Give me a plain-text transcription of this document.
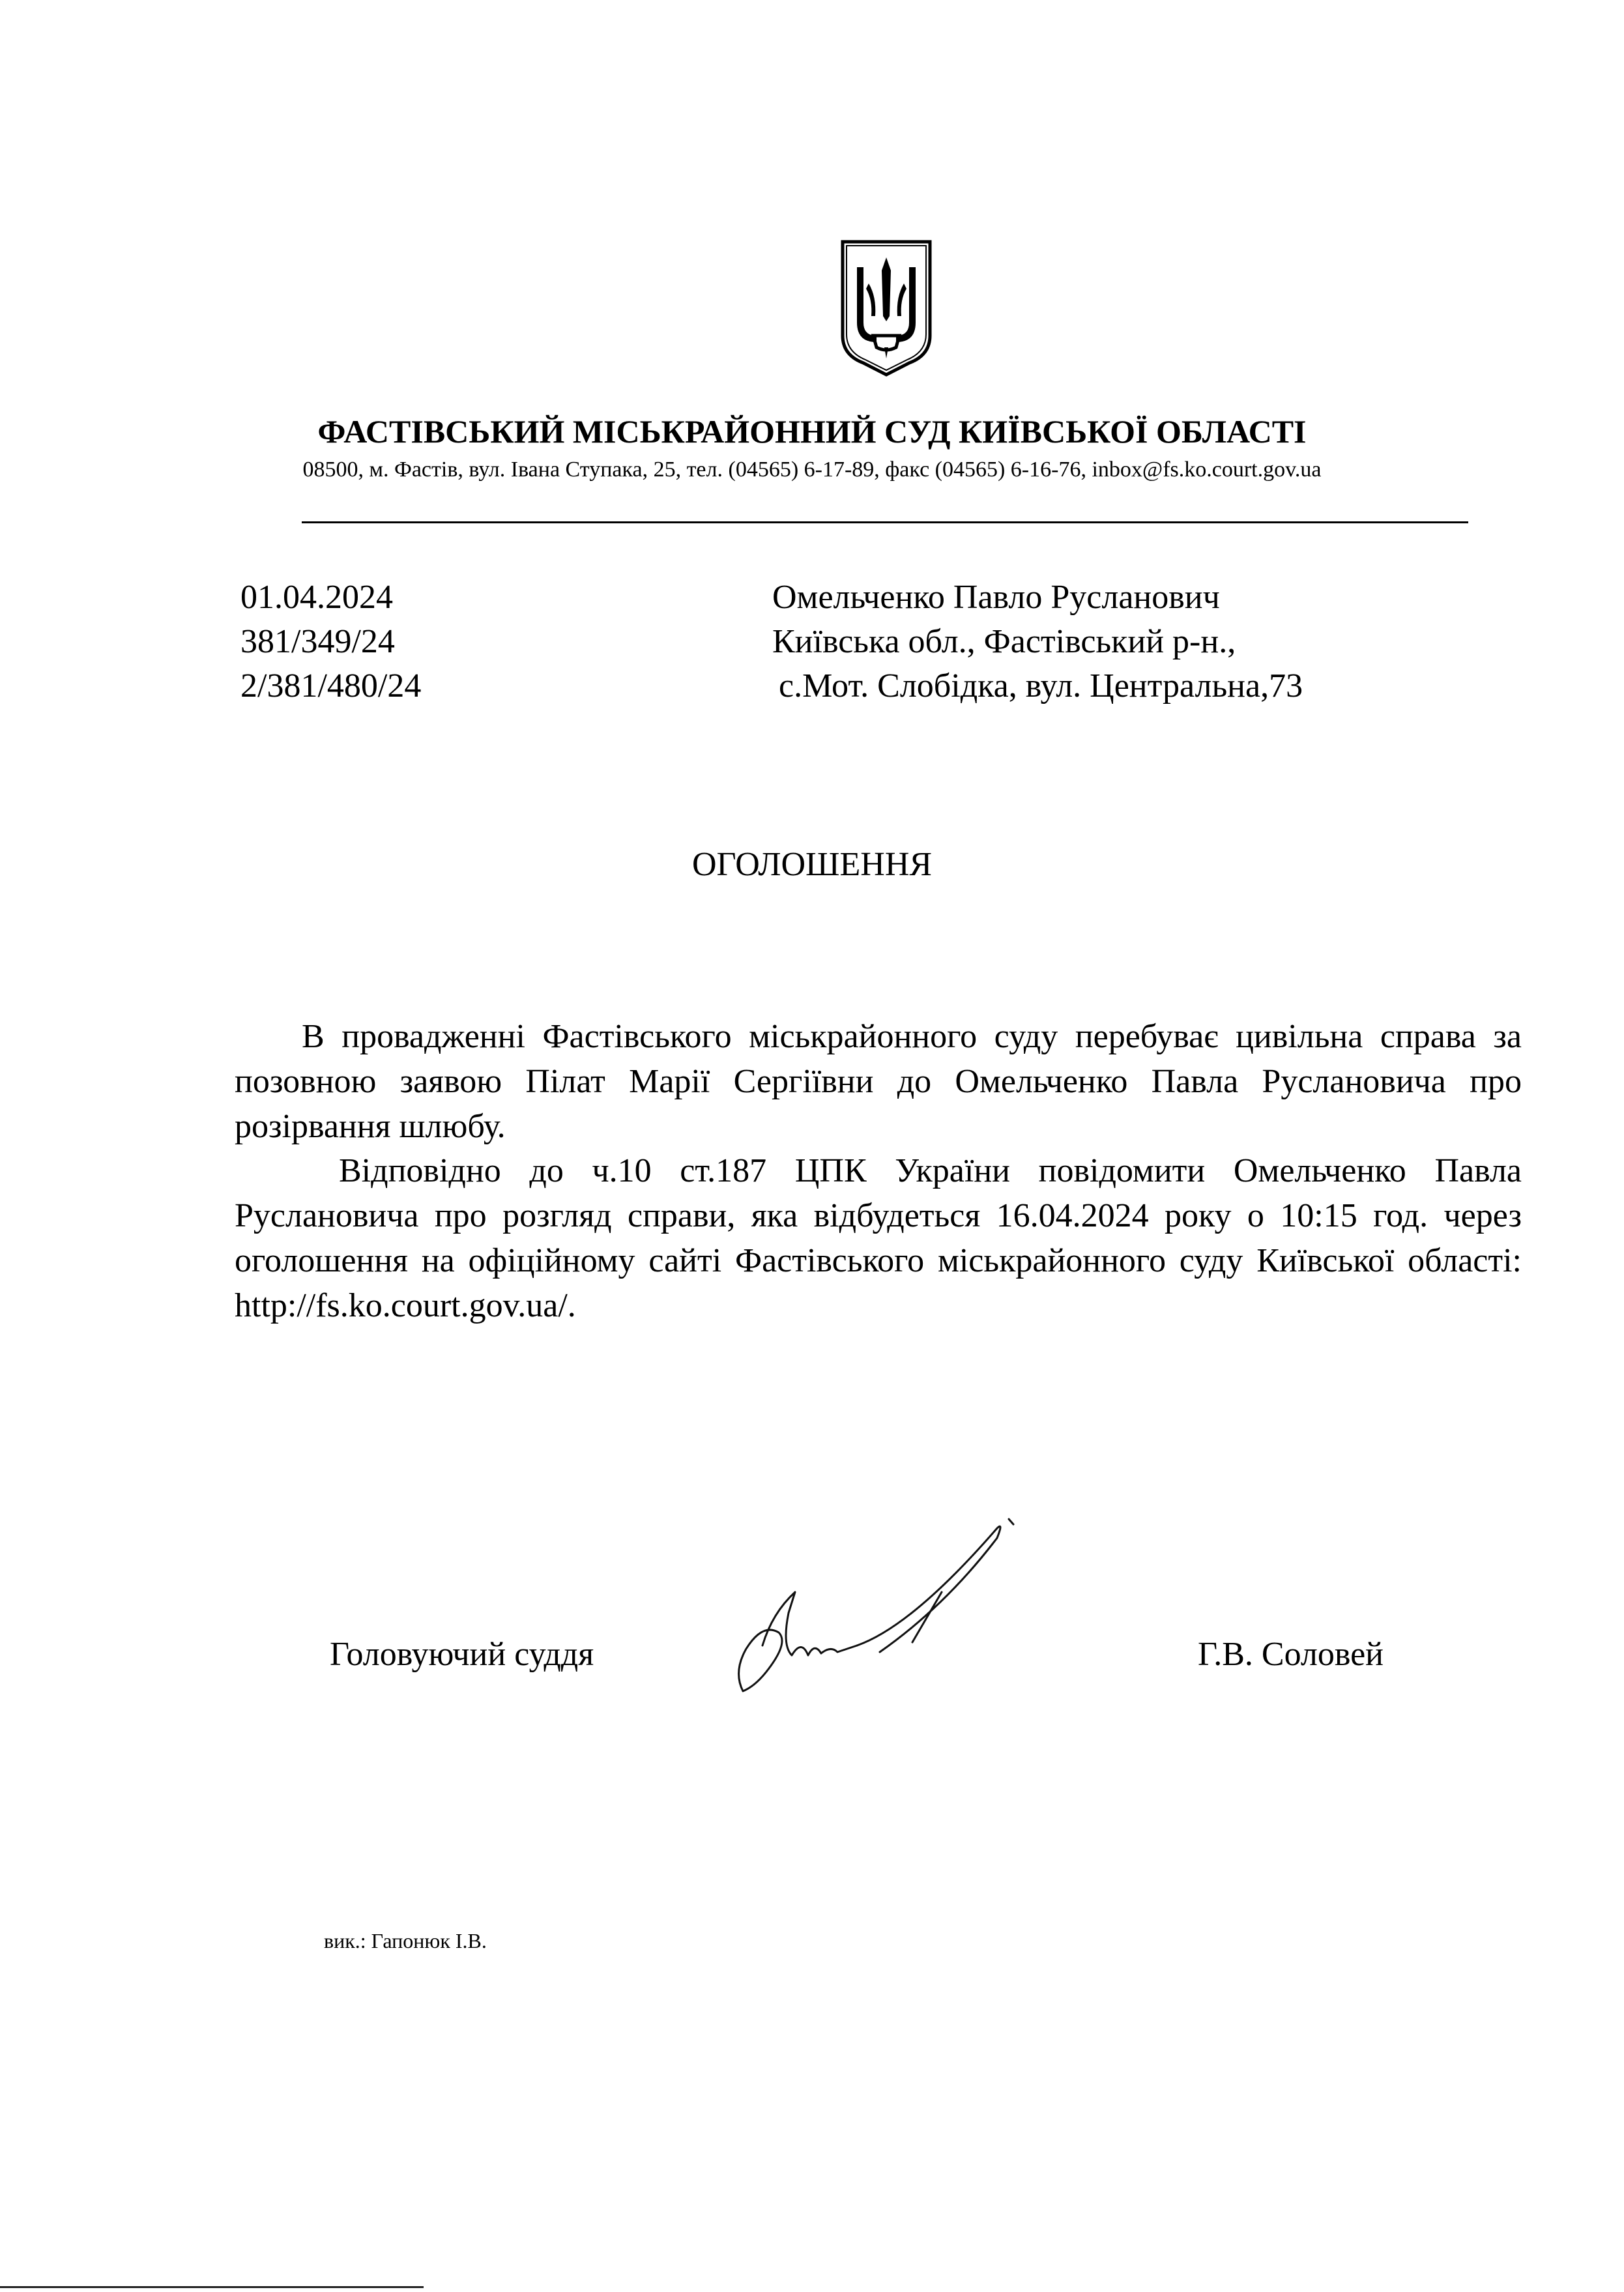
ФАСТІВСЬКИЙ МІСЬКРАЙОННИЙ СУД КИЇВСЬКОЇ ОБЛАСТІ
08500, м. Фастів, вул. Івана Ступака, 25, тел. (04565) 6-17-89, факс (04565) 6-16-76, inbox@fs.ko.court.gov.ua
01.04.2024
381/349/24
2/381/480/24
Омельченко Павло Русланович
Київська обл., Фастівський р-н.,
с.Мот. Слобідка, вул. Центральна,73
ОГОЛОШЕННЯ

В провадженні Фастівського міськрайонного суду перебуває цивільна справа за позовною заявою Пілат Марії Сергіївни до Омельченко Павла Руслановича про розірвання шлюбу.

Відповідно до ч.10 ст.187 ЦПК України повідомити Омельченко Павла Руслановича про розгляд справи, яка відбудеться 16.04.2024 року о 10:15 год. через оголошення на офіційному сайті Фастівського міськрайонного суду Київської області: http://fs.ko.court.gov.ua/.

Головуючий суддя	Г.В. Соловей
вик.: Гапонюк І.В.
